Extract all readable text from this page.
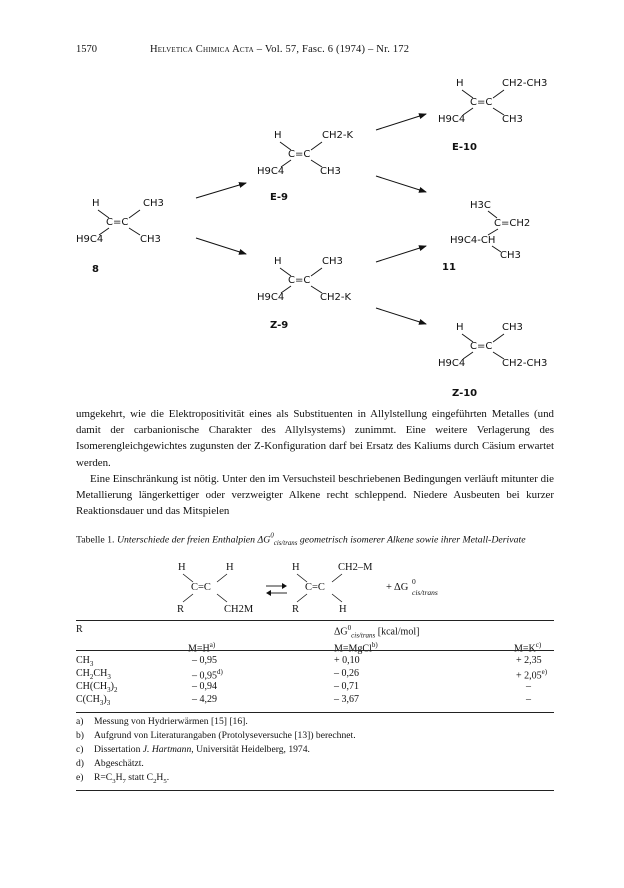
1570	Helvetica Chimica Acta – Vol. 57, Fasc. 6 (1974) – Nr. 172
H	CH3
C=C
H9C4	CH3
8
H	CH2-K
C=C
H9C4	CH3
E-9
H	CH3
C=C
H9C4	CH2-K
Z-9
H	CH2-CH3
C=C
H9C4	CH3
E-10
H3C
C=CH2
H9C4-CH
CH3
11
H	CH3
C=C
H9C4	CH2-CH3
Z-10

umgekehrt, wie die Elektropositivität eines als Substituenten in Allylstellung eingeführten Metalles (und damit der carbanionische Charakter des Allylsystems) zunimmt. Eine weitere Verlagerung des Isomerengleichgewichtes zugunsten der Z-Konfiguration darf bei Ersatz des Kaliums durch Cäsium erwartet werden.

Eine Einschränkung ist nötig. Unter den im Versuchsteil beschriebenen Bedingungen verläuft mitunter die Metallierung längerkettiger oder verzweigter Alkene recht schleppend. Niedere Ausbeuten bei kurzer Reaktionsdauer und das Mitspielen

Tabelle 1. Unterschiede der freien Enthalpien $\Delta G^0_{cis/trans}$ geometrisch isomerer Alkene sowie ihrer Metall-Derivate
H	H
C=C
R	CH2M
H	CH2–M
C=C
R	H
+ ΔG
0
cis/trans
R	$\Delta G^0_{cis/trans}$ [kcal/mol]
$M=H^{a)}$	M=MgCl$^{b)}$	$M=K^{c)}$
$CH_3$	– 0,95	+ 0,10	+ 2,35
$CH_2CH_3$	– 0,95$^{d)}$	– 0,26	+ $2,05^{e)}$
$CH(CH_3)_2$	– 0,94	– 0,71	–
$C(CH_3)_3$	– 4,29	– 3,67	–
a) Messung von Hydrierwärmen [15] [16].
b) Aufgrund von Literaturangaben (Protolyseversuche [13]) berechnet.
c) Dissertation J. Hartmann, Universität Heidelberg, 1974.
d) Abgeschätzt.
e) $R=C_3H_7$ statt $C_2H_5$.
